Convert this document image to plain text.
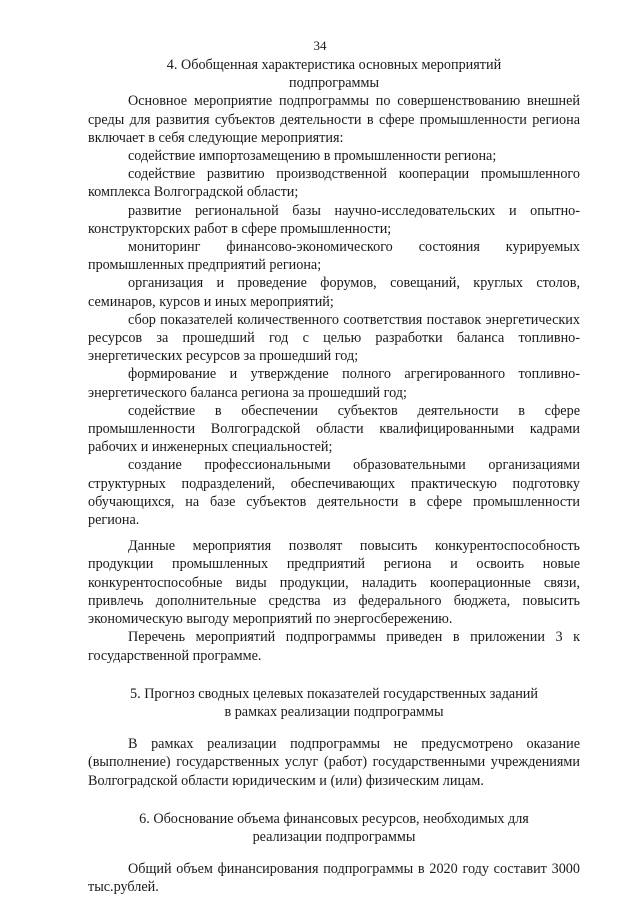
34
4. Обобщенная характеристика основных мероприятий
подпрограммы

Основное мероприятие подпрограммы по совершенствованию внешней среды для развития субъектов деятельности в сфере промышленности региона включает в себя следующие мероприятия:

содействие импортозамещению в промышленности региона;

содействие развитию производственной кооперации промышленного комплекса Волгоградской области;

развитие региональной базы научно-исследовательских и опытно-конструкторских работ в сфере промышленности;

мониторинг финансово-экономического состояния курируемых промышленных предприятий региона;

организация и проведение форумов, совещаний, круглых столов, семинаров, курсов и иных мероприятий;

сбор показателей количественного соответствия поставок энергетических ресурсов за прошедший год с целью разработки баланса топливно-энергетических ресурсов за прошедший год;

формирование и утверждение полного агрегированного топливно-энергетического баланса региона за прошедший год;

содействие в обеспечении субъектов деятельности в сфере промышленности Волгоградской области квалифицированными кадрами рабочих и инженерных специальностей;

создание профессиональными образовательными организациями структурных подразделений, обеспечивающих практическую подготовку обучающихся, на базе субъектов деятельности в сфере промышленности региона.

Данные мероприятия позволят повысить конкурентоспособность продукции промышленных предприятий региона и освоить новые конкурентоспособные виды продукции, наладить кооперационные связи, привлечь дополнительные средства из федерального бюджета, повысить экономическую выгоду мероприятий по энергосбережению.

Перечень мероприятий подпрограммы приведен в приложении 3 к государственной программе.

5. Прогноз сводных целевых показателей государственных заданий
в рамках реализации подпрограммы

В рамках реализации подпрограммы не предусмотрено оказание (выполнение) государственных услуг (работ) государственными учреждениями Волгоградской области юридическим и (или) физическим лицам.

6. Обоснование объема финансовых ресурсов, необходимых для
реализации подпрограммы

Общий объем финансирования подпрограммы в 2020 году составит 3000 тыс.рублей.
